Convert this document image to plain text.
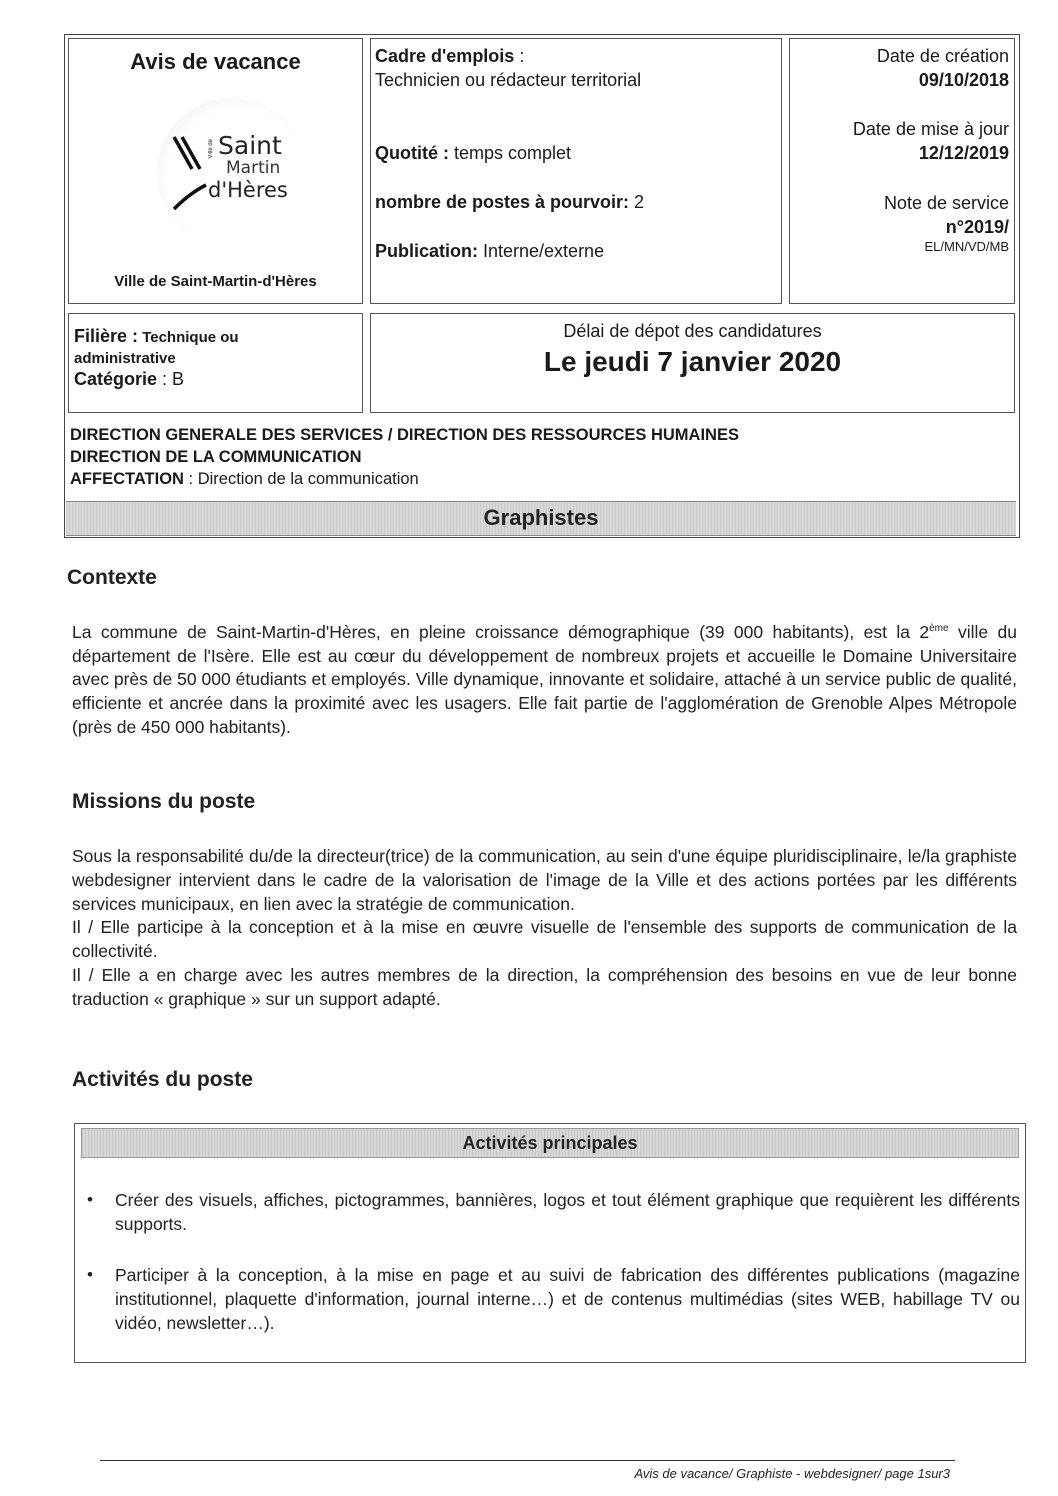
Avis de vacance
Ville de Saint
Martin
d'Hères
Ville de Saint-Martin-d'Hères
Cadre d'emplois :
Technicien ou rédacteur territorial
Quotité : temps complet
nombre de postes à pourvoir: 2
Publication: Interne/externe
Date de création
09/10/2018
Date de mise à jour
12/12/2019
Note de service
n°2019/
EL/MN/VD/MB
Filière : Technique ou
administrative
Catégorie : B
Délai de dépot des candidatures
Le jeudi 7 janvier 2020
DIRECTION GENERALE DES SERVICES / DIRECTION DES RESSOURCES HUMAINES
DIRECTION DE LA COMMUNICATION
AFFECTATION : Direction de la communication
Graphistes
Contexte

La commune de Saint-Martin-d'Hères, en pleine croissance démographique (39 000 habitants), est la 2ème ville du département de l'Isère. Elle est au cœur du développement de nombreux projets et accueille le Domaine Universitaire avec près de 50 000 étudiants et employés. Ville dynamique, innovante et solidaire, attaché à un service public de qualité, efficiente et ancrée dans la proximité avec les usagers. Elle fait partie de l'agglomération de Grenoble Alpes Métropole (près de 450 000 habitants).

Missions du poste

Sous la responsabilité du/de la directeur(trice) de la communication, au sein d'une équipe pluridisciplinaire, le/la graphiste webdesigner intervient dans le cadre de la valorisation de l'image de la Ville et des actions portées par les différents services municipaux, en lien avec la stratégie de communication.

Il / Elle participe à la conception et à la mise en œuvre visuelle de l'ensemble des supports de communication de la collectivité.

Il / Elle a en charge avec les autres membres de la direction, la compréhension des besoins en vue de leur bonne traduction « graphique » sur un support adapté.

Activités du poste
Activités principales
• Créer des visuels, affiches, pictogrammes, bannières, logos et tout élément graphique que requièrent les différents supports.
• Participer à la conception, à la mise en page et au suivi de fabrication des différentes publications (magazine institutionnel, plaquette d'information, journal interne…) et de contenus multimédias (sites WEB, habillage TV ou vidéo, newsletter…).
Avis de vacance/ Graphiste - webdesigner/ page 1sur3
